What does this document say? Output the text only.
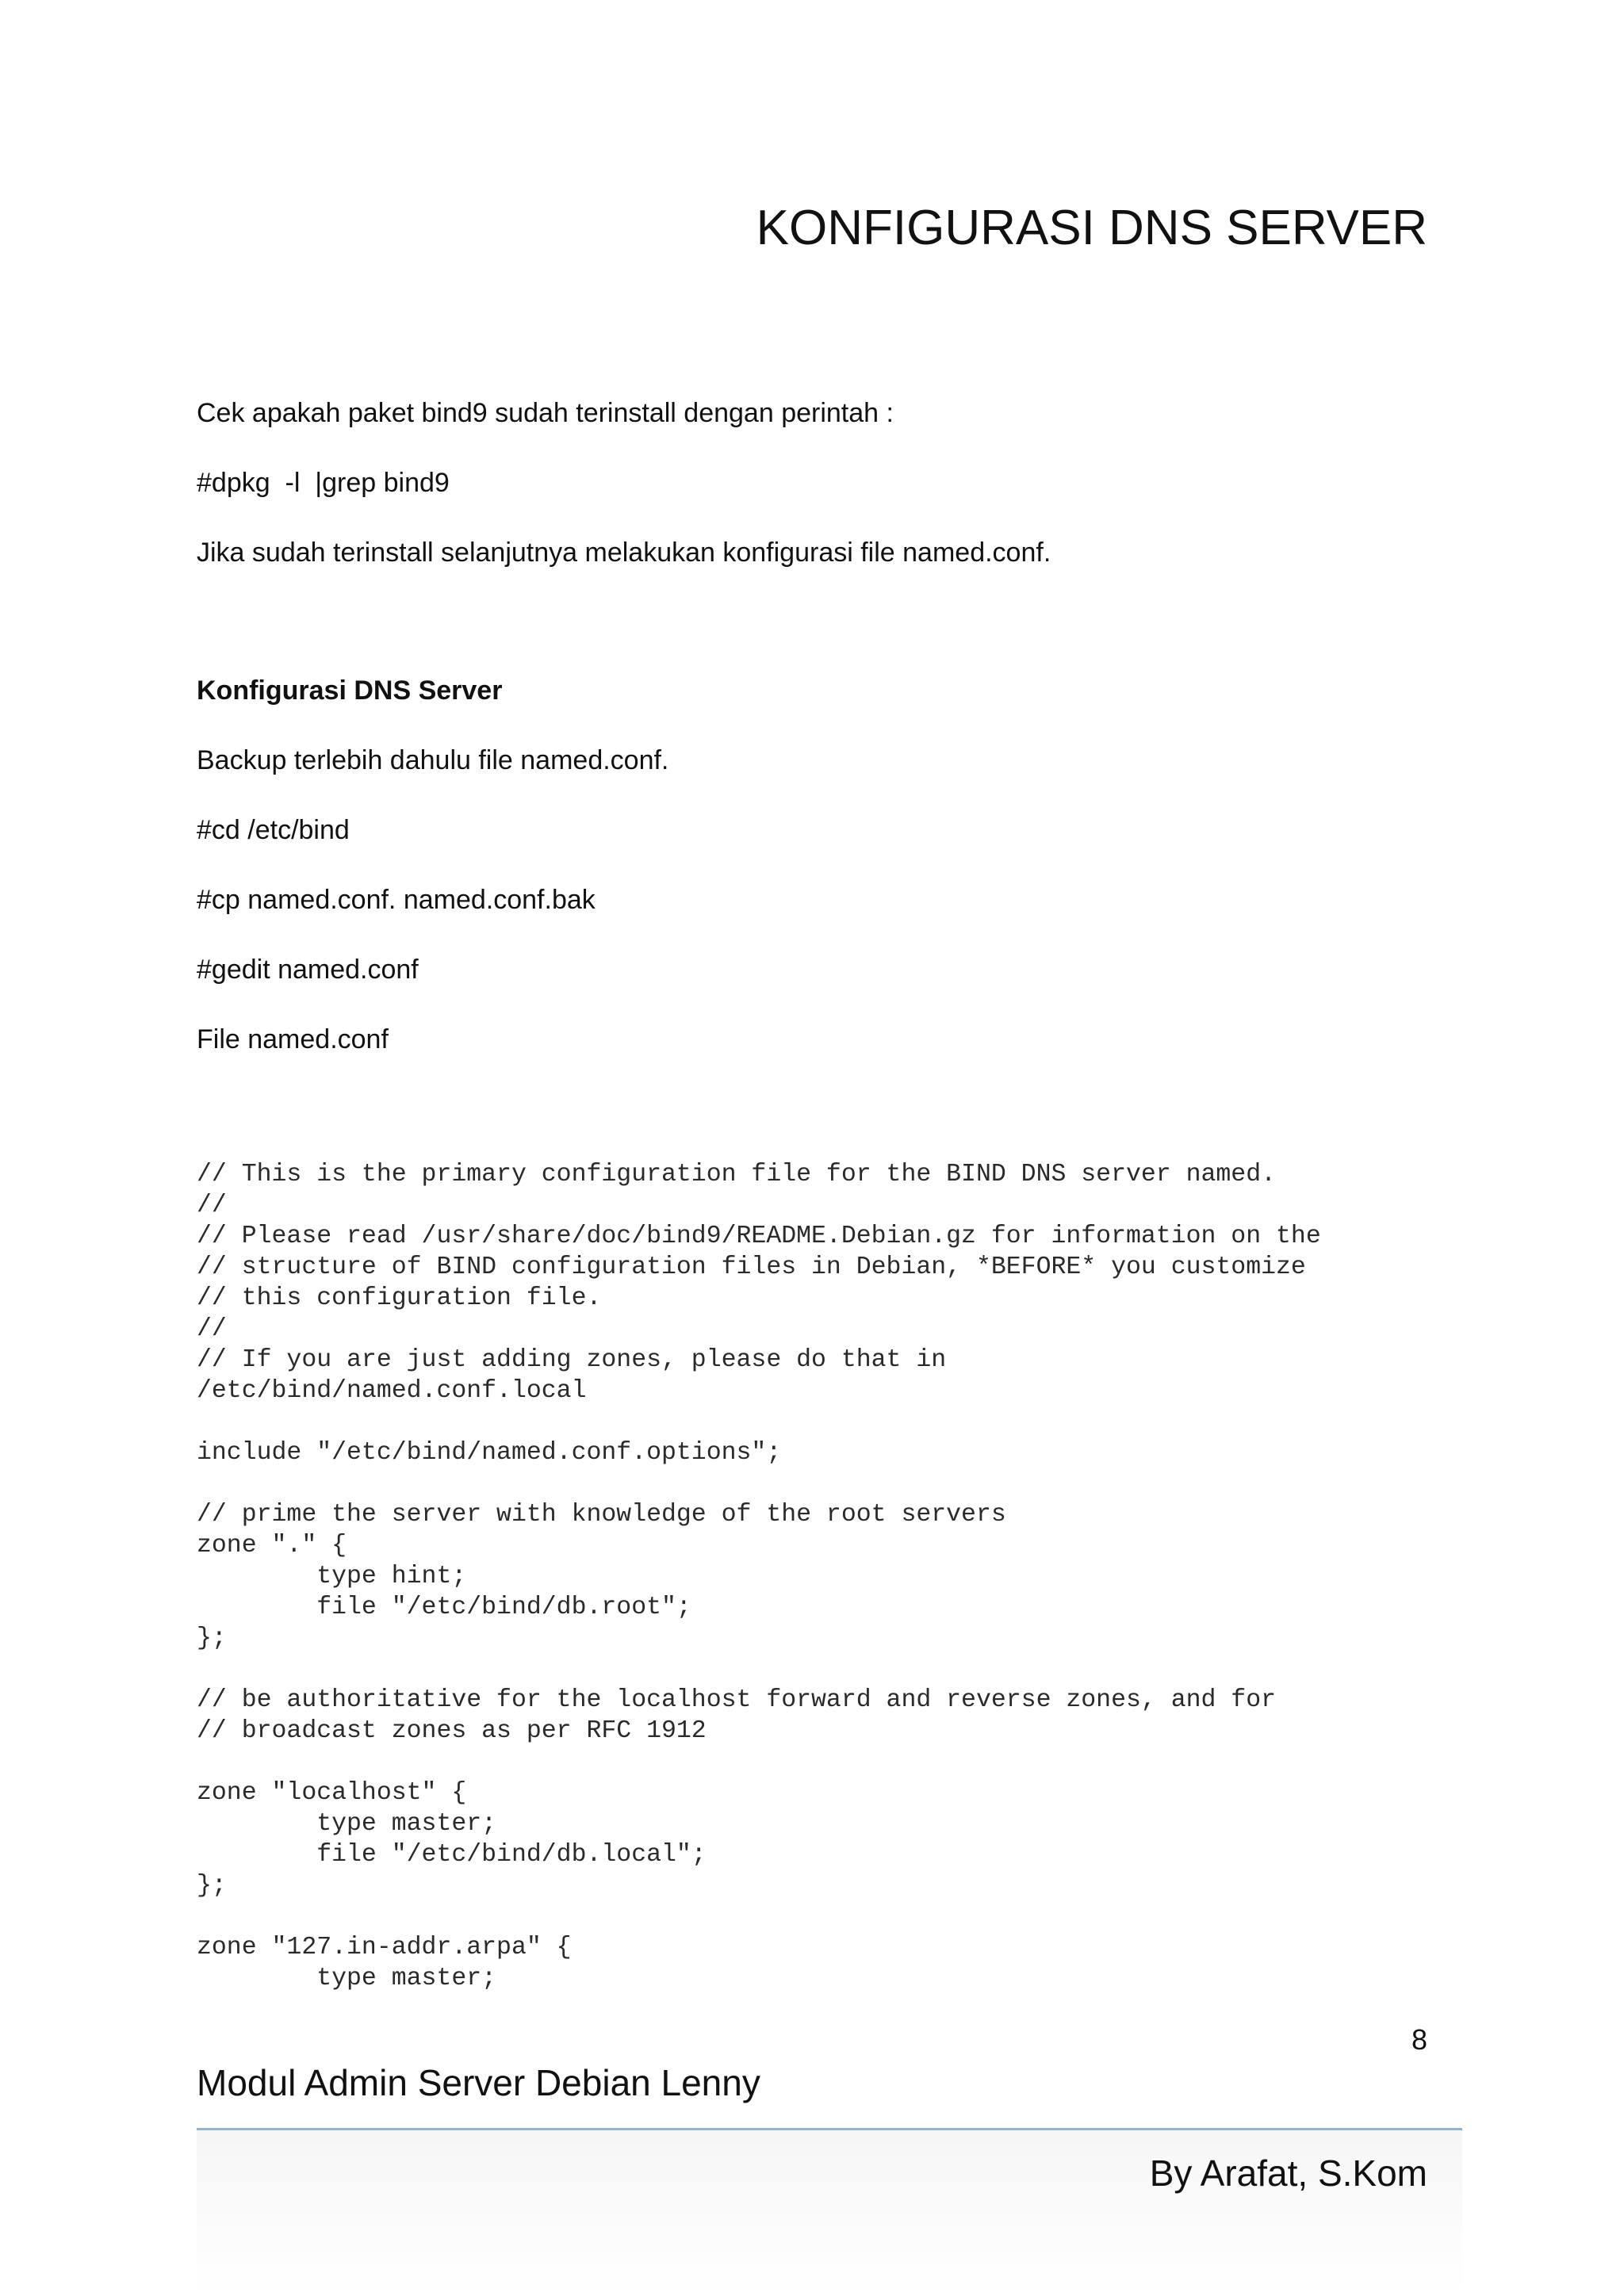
KONFIGURASI DNS SERVER

Cek apakah paket bind9 sudah terinstall dengan perintah :

#dpkg  -l  |grep bind9

Jika sudah terinstall selanjutnya melakukan konfigurasi file named.conf.

Konfigurasi DNS Server

Backup terlebih dahulu file named.conf.

#cd /etc/bind

#cp named.conf. named.conf.bak

#gedit named.conf

File named.conf

// This is the primary configuration file for the BIND DNS server named.
//
// Please read /usr/share/doc/bind9/README.Debian.gz for information on the
// structure of BIND configuration files in Debian, *BEFORE* you customize
// this configuration file.
//
// If you are just adding zones, please do that in
/etc/bind/named.conf.local
include "/etc/bind/named.conf.options";
// prime the server with knowledge of the root servers
zone "." {
type hint;
file "/etc/bind/db.root";
};
// be authoritative for the localhost forward and reverse zones, and for
// broadcast zones as per RFC 1912
zone "localhost" {
type master;
file "/etc/bind/db.local";
};
zone "127.in-addr.arpa" {
type master;
8
Modul Admin Server Debian Lenny
By Arafat, S.Kom
